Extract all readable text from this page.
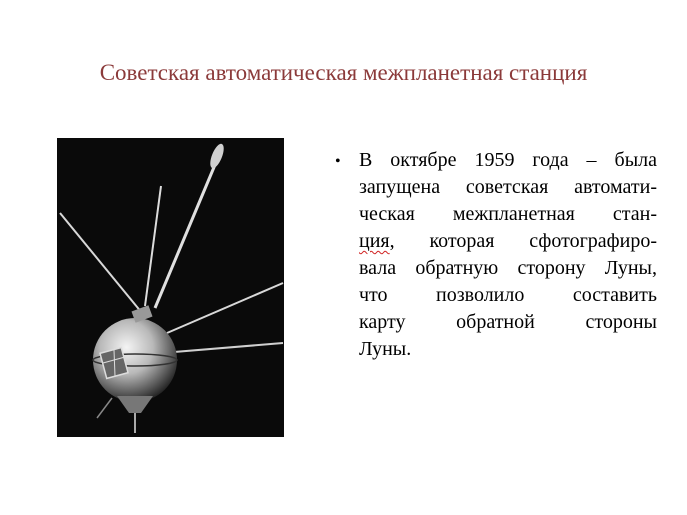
Советская автоматическая межпланетная станция
• В октябре 1959 года – была
запущена советская автомати-
ческая межпланетная стан-
ция, которая сфотографиро-
вала обратную сторону Луны,
что позволило составить
карту обратной стороны
Луны.
